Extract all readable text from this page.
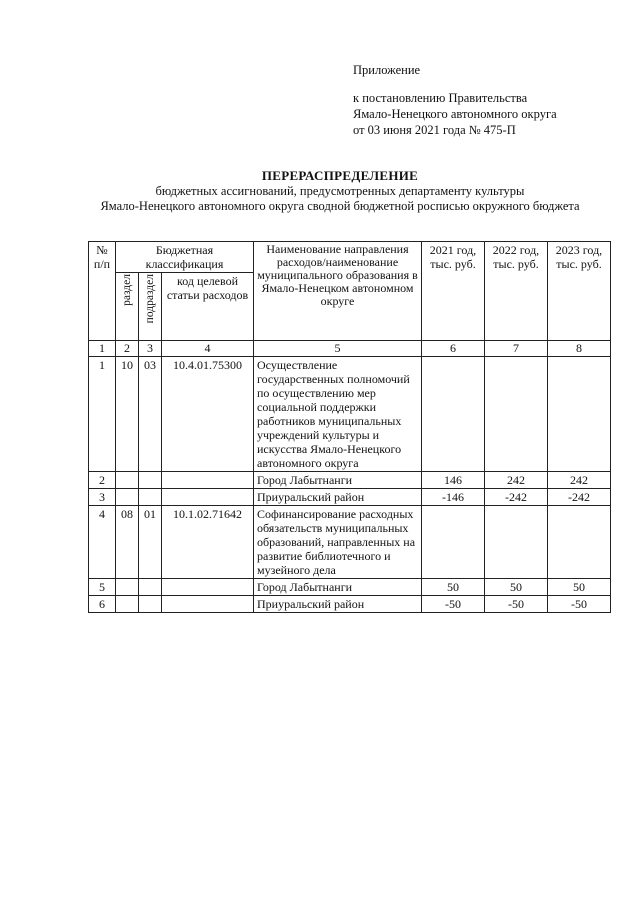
Приложение
к постановлению Правительства
Ямало-Ненецкого автономного округа
от 03 июня 2021 года № 475-П
ПЕРЕРАСПРЕДЕЛЕНИЕ
бюджетных ассигнований, предусмотренных департаменту культуры
Ямало-Ненецкого автономного округа сводной бюджетной росписью окружного бюджета
№ п/п	Бюджетная классификация			Наименование направления расходов/наименование муниципального образования в Ямало-Ненецком автономном округе	2021 год, тыс. руб.	2022 год, тыс. руб.	2023 год, тыс. руб.

	раздел	подраздел	код целевой статьи расходов				
1	2	3	4	5	6	7	8
1	10	03	10.4.01.75300	Осуществление государственных полномочий по осуществлению мер социальной поддержки работников муниципальных учреждений культуры и искусства Ямало-Ненецкого автономного округа			
2				Город Лабытнанги	146	242	242
3				Приуральский район	-146	-242	-242
4	08	01	10.1.02.71642	Софинансирование расходных обязательств муниципальных образований, направленных на развитие библиотечного и музейного дела			
5				Город Лабытнанги	50	50	50
6				Приуральский район	-50	-50	-50
